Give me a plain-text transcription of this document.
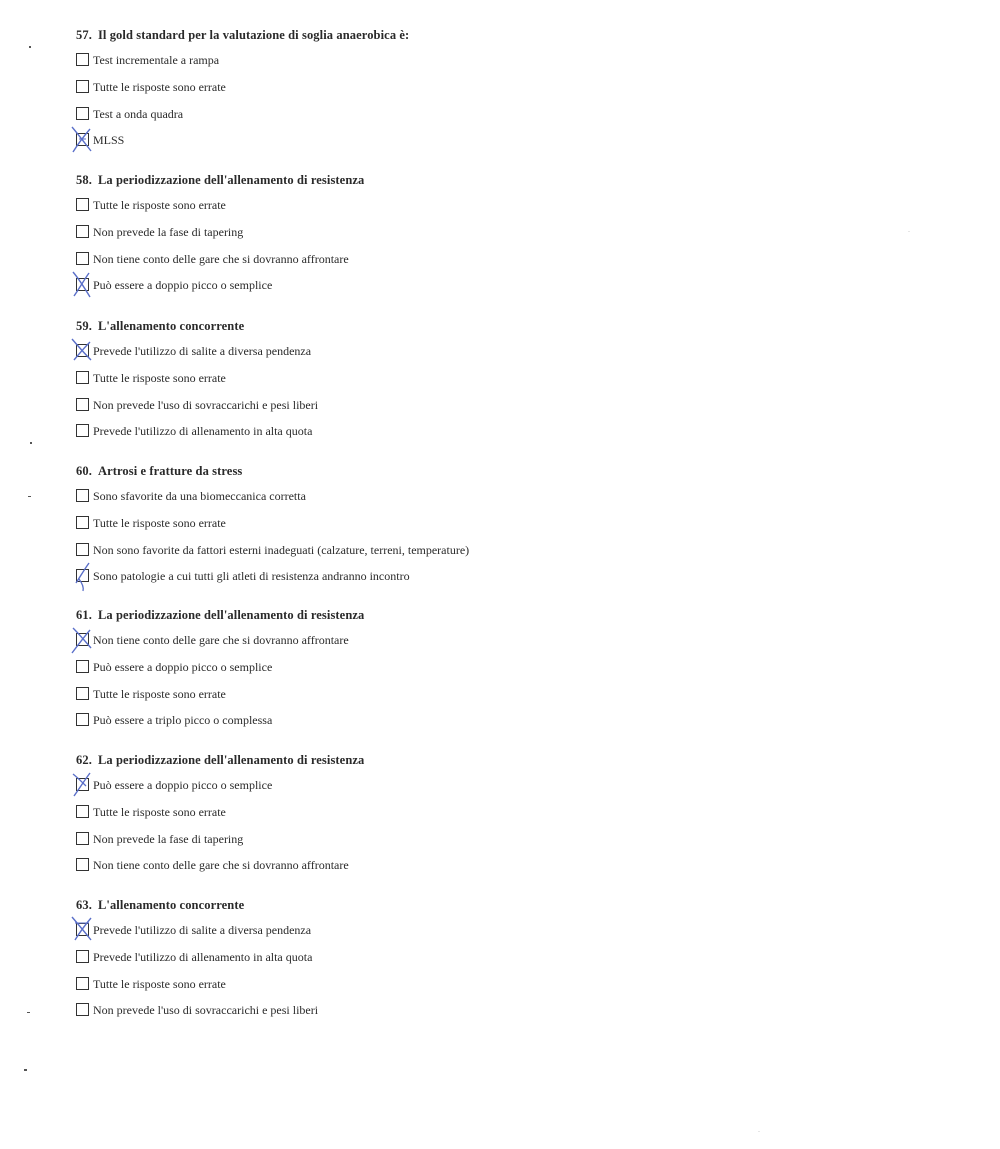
57. Il gold standard per la valutazione di soglia anaerobica è:
Test incrementale a rampa
Tutte le risposte sono errate
Test a onda quadra
MLSS
58. La periodizzazione dell'allenamento di resistenza
Tutte le risposte sono errate
Non prevede la fase di tapering
Non tiene conto delle gare che si dovranno affrontare
Può essere a doppio picco o semplice
59. L'allenamento concorrente
Prevede l'utilizzo di salite a diversa pendenza
Tutte le risposte sono errate
Non prevede l'uso di sovraccarichi e pesi liberi
Prevede l'utilizzo di allenamento in alta quota
60. Artrosi e fratture da stress
Sono sfavorite da una biomeccanica corretta
Tutte le risposte sono errate
Non sono favorite da fattori esterni inadeguati (calzature, terreni, temperature)
Sono patologie a cui tutti gli atleti di resistenza andranno incontro
61. La periodizzazione dell'allenamento di resistenza
Non tiene conto delle gare che si dovranno affrontare
Può essere a doppio picco o semplice
Tutte le risposte sono errate
Può essere a triplo picco o complessa
62. La periodizzazione dell'allenamento di resistenza
Può essere a doppio picco o semplice
Tutte le risposte sono errate
Non prevede la fase di tapering
Non tiene conto delle gare che si dovranno affrontare
63. L'allenamento concorrente
Prevede l'utilizzo di salite a diversa pendenza
Prevede l'utilizzo di allenamento in alta quota
Tutte le risposte sono errate
Non prevede l'uso di sovraccarichi e pesi liberi
